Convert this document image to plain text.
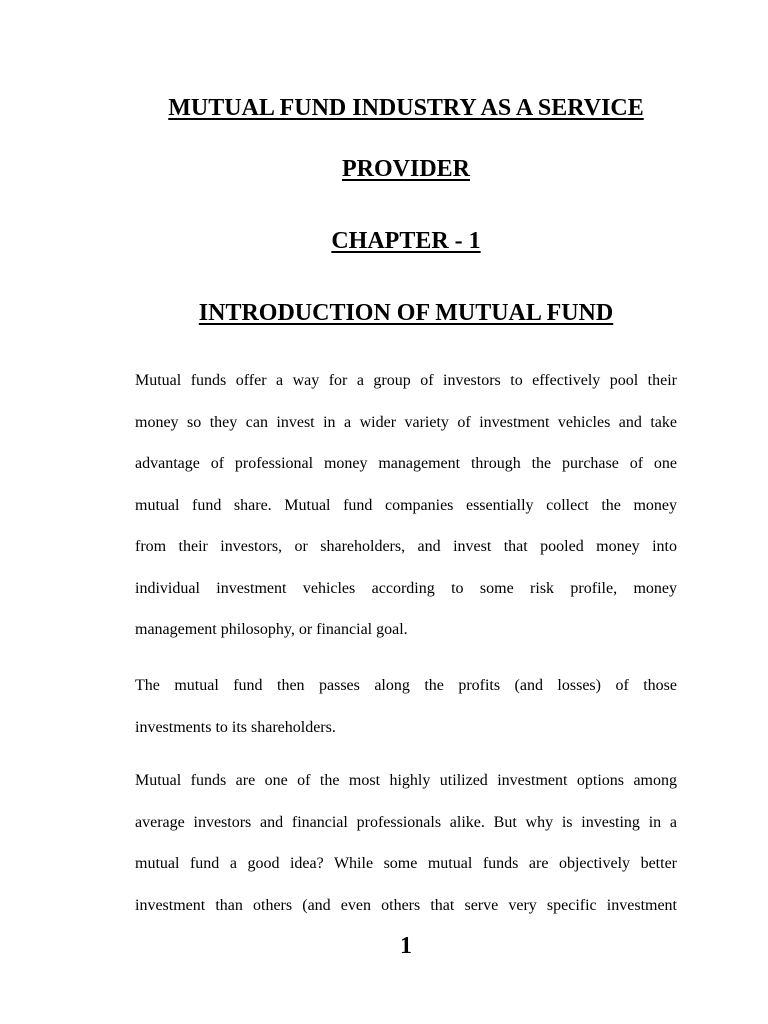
MUTUAL FUND INDUSTRY AS A SERVICE
PROVIDER
CHAPTER - 1
INTRODUCTION OF MUTUAL FUND
Mutual funds offer a way for a group of investors to effectively pool their
money so they can invest in a wider variety of investment vehicles and take
advantage of professional money management through the purchase of one
mutual fund share. Mutual fund companies essentially collect the money
from their investors, or shareholders, and invest that pooled money into
individual investment vehicles according to some risk profile, money
management philosophy, or financial goal.
The mutual fund then passes along the profits (and losses) of those
investments to its shareholders.
Mutual funds are one of the most highly utilized investment options among
average investors and financial professionals alike. But why is investing in a
mutual fund a good idea? While some mutual funds are objectively better
investment than others (and even others that serve very specific investment
1
